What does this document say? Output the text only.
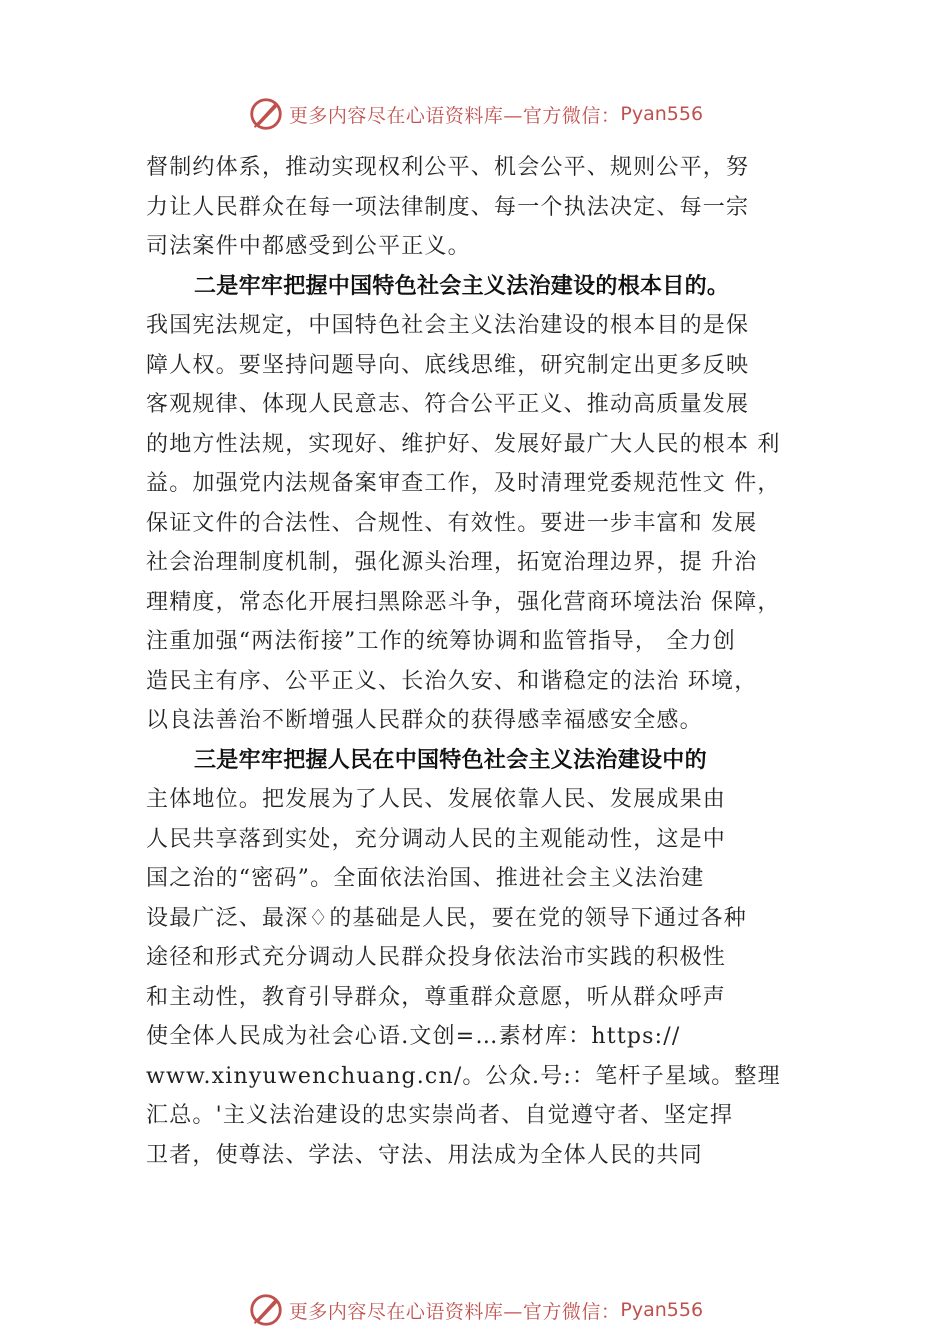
更多内容尽在心语资料库—官方微信： Pyan556
督制约体系，推动实现权利公平、机会公平、规则公平，努
力让人民群众在每一项法律制度、每一个执法决定、每一宗
司法案件中都感受到公平正义。
二是牢牢把握中国特色社会主义法治建设的根本目的。
我国宪法规定，中国特色社会主义法治建设的根本目的是保
障人权。要坚持问题导向、底线思维，研究制定出更多反映
客观规律、体现人民意志、符合公平正义、推动高质量发展
的地方性法规，实现好、维护好、发展好最广大人民的根本 利
益。加强党内法规备案审查工作，及时清理党委规范性文 件，
保证文件的合法性、合规性、有效性。要进一步丰富和 发展
社会治理制度机制，强化源头治理，拓宽治理边界，提 升治
理精度，常态化开展扫黑除恶斗争，强化营商环境法治 保障，
注重加强“两法衔接”工作的统筹协调和监管指导， 全力创
造民主有序、公平正义、长治久安、和谐稳定的法治 环境，
以良法善治不断增强人民群众的获得感幸福感安全感。
三是牢牢把握人民在中国特色社会主义法治建设中的
主体地位。把发展为了人民、发展依靠人民、发展成果由
人民共享落到实处，充分调动人民的主观能动性，这是中
国之治的“密码”。全面依法治国、推进社会主义法治建
设最广泛、最深♢的基础是人民，要在党的领导下通过各种
途径和形式充分调动人民群众投身依法治市实践的积极性
和主动性，教育引导群众，尊重群众意愿，听从群众呼声
使全体人民成为社会心语.文创=…素材库：https://
www.xinyuwenchuang.cn/。公众.号:：笔杆子星域。整理
汇总。'主义法治建设的忠实崇尚者、自觉遵守者、坚定捍
卫者，使尊法、学法、守法、用法成为全体人民的共同
更多内容尽在心语资料库—官方微信： Pyan556
